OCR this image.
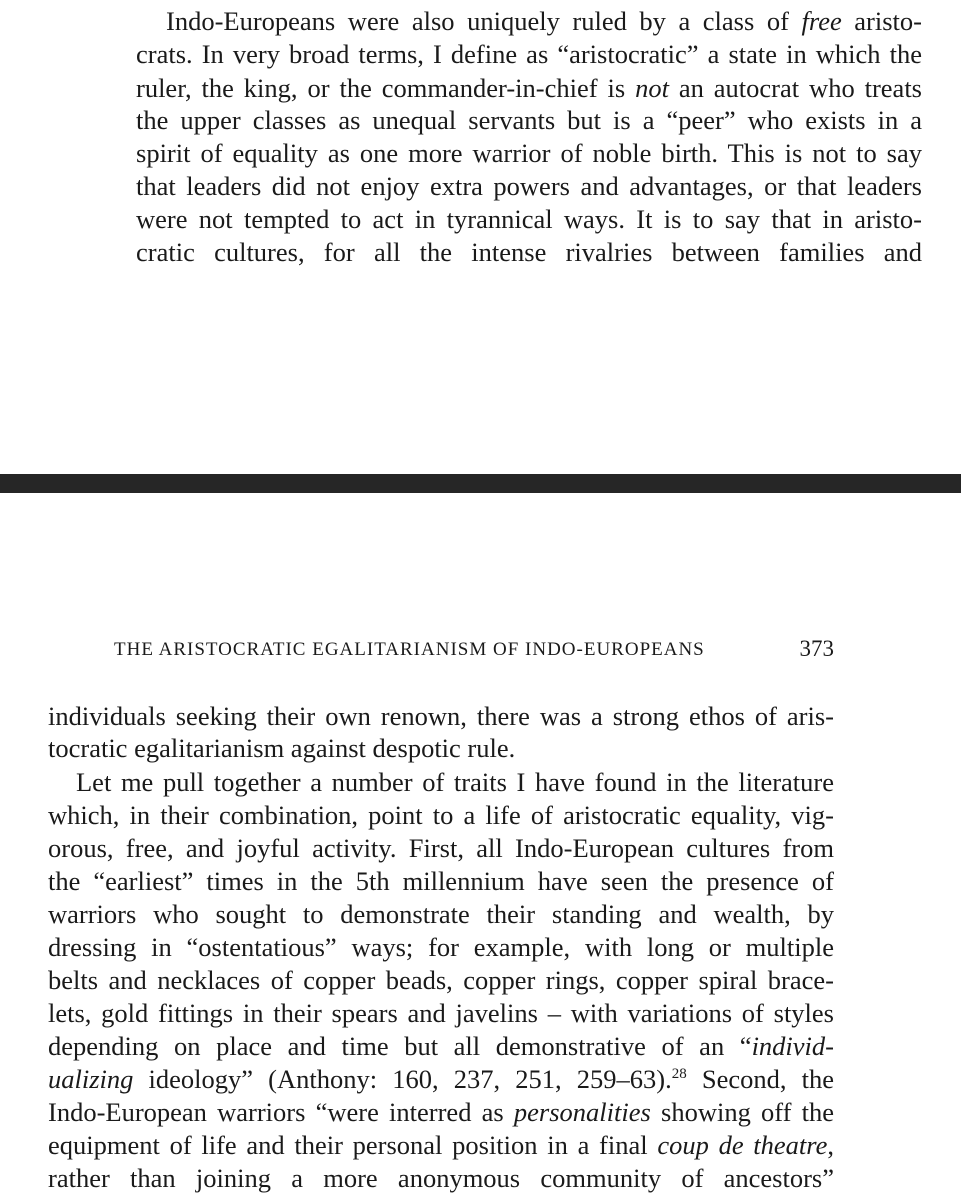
Indo-Europeans were also uniquely ruled by a class of free aristo-
crats. In very broad terms, I define as “aristocratic” a state in which the
ruler, the king, or the commander-in-chief is not an autocrat who treats
the upper classes as unequal servants but is a “peer” who exists in a
spirit of equality as one more warrior of noble birth. This is not to say
that leaders did not enjoy extra powers and advantages, or that leaders
were not tempted to act in tyrannical ways. It is to say that in aristo-
cratic cultures, for all the intense rivalries between families and
THE ARISTOCRATIC EGALITARIANISM OF INDO-EUROPEANS	373
individuals seeking their own renown, there was a strong ethos of aris-
tocratic egalitarianism against despotic rule.
Let me pull together a number of traits I have found in the literature
which, in their combination, point to a life of aristocratic equality, vig-
orous, free, and joyful activity. First, all Indo-European cultures from
the “earliest” times in the 5th millennium have seen the presence of
warriors who sought to demonstrate their standing and wealth, by
dressing in “ostentatious” ways; for example, with long or multiple
belts and necklaces of copper beads, copper rings, copper spiral brace-
lets, gold fittings in their spears and javelins – with variations of styles
depending on place and time but all demonstrative of an “individ-
ualizing ideology” (Anthony: 160, 237, 251, 259–63).$^{28}$ Second, the
Indo-European warriors “were interred as personalities showing off the
equipment of life and their personal position in a final coup de theatre,
rather than joining a more anonymous community of ancestors”
